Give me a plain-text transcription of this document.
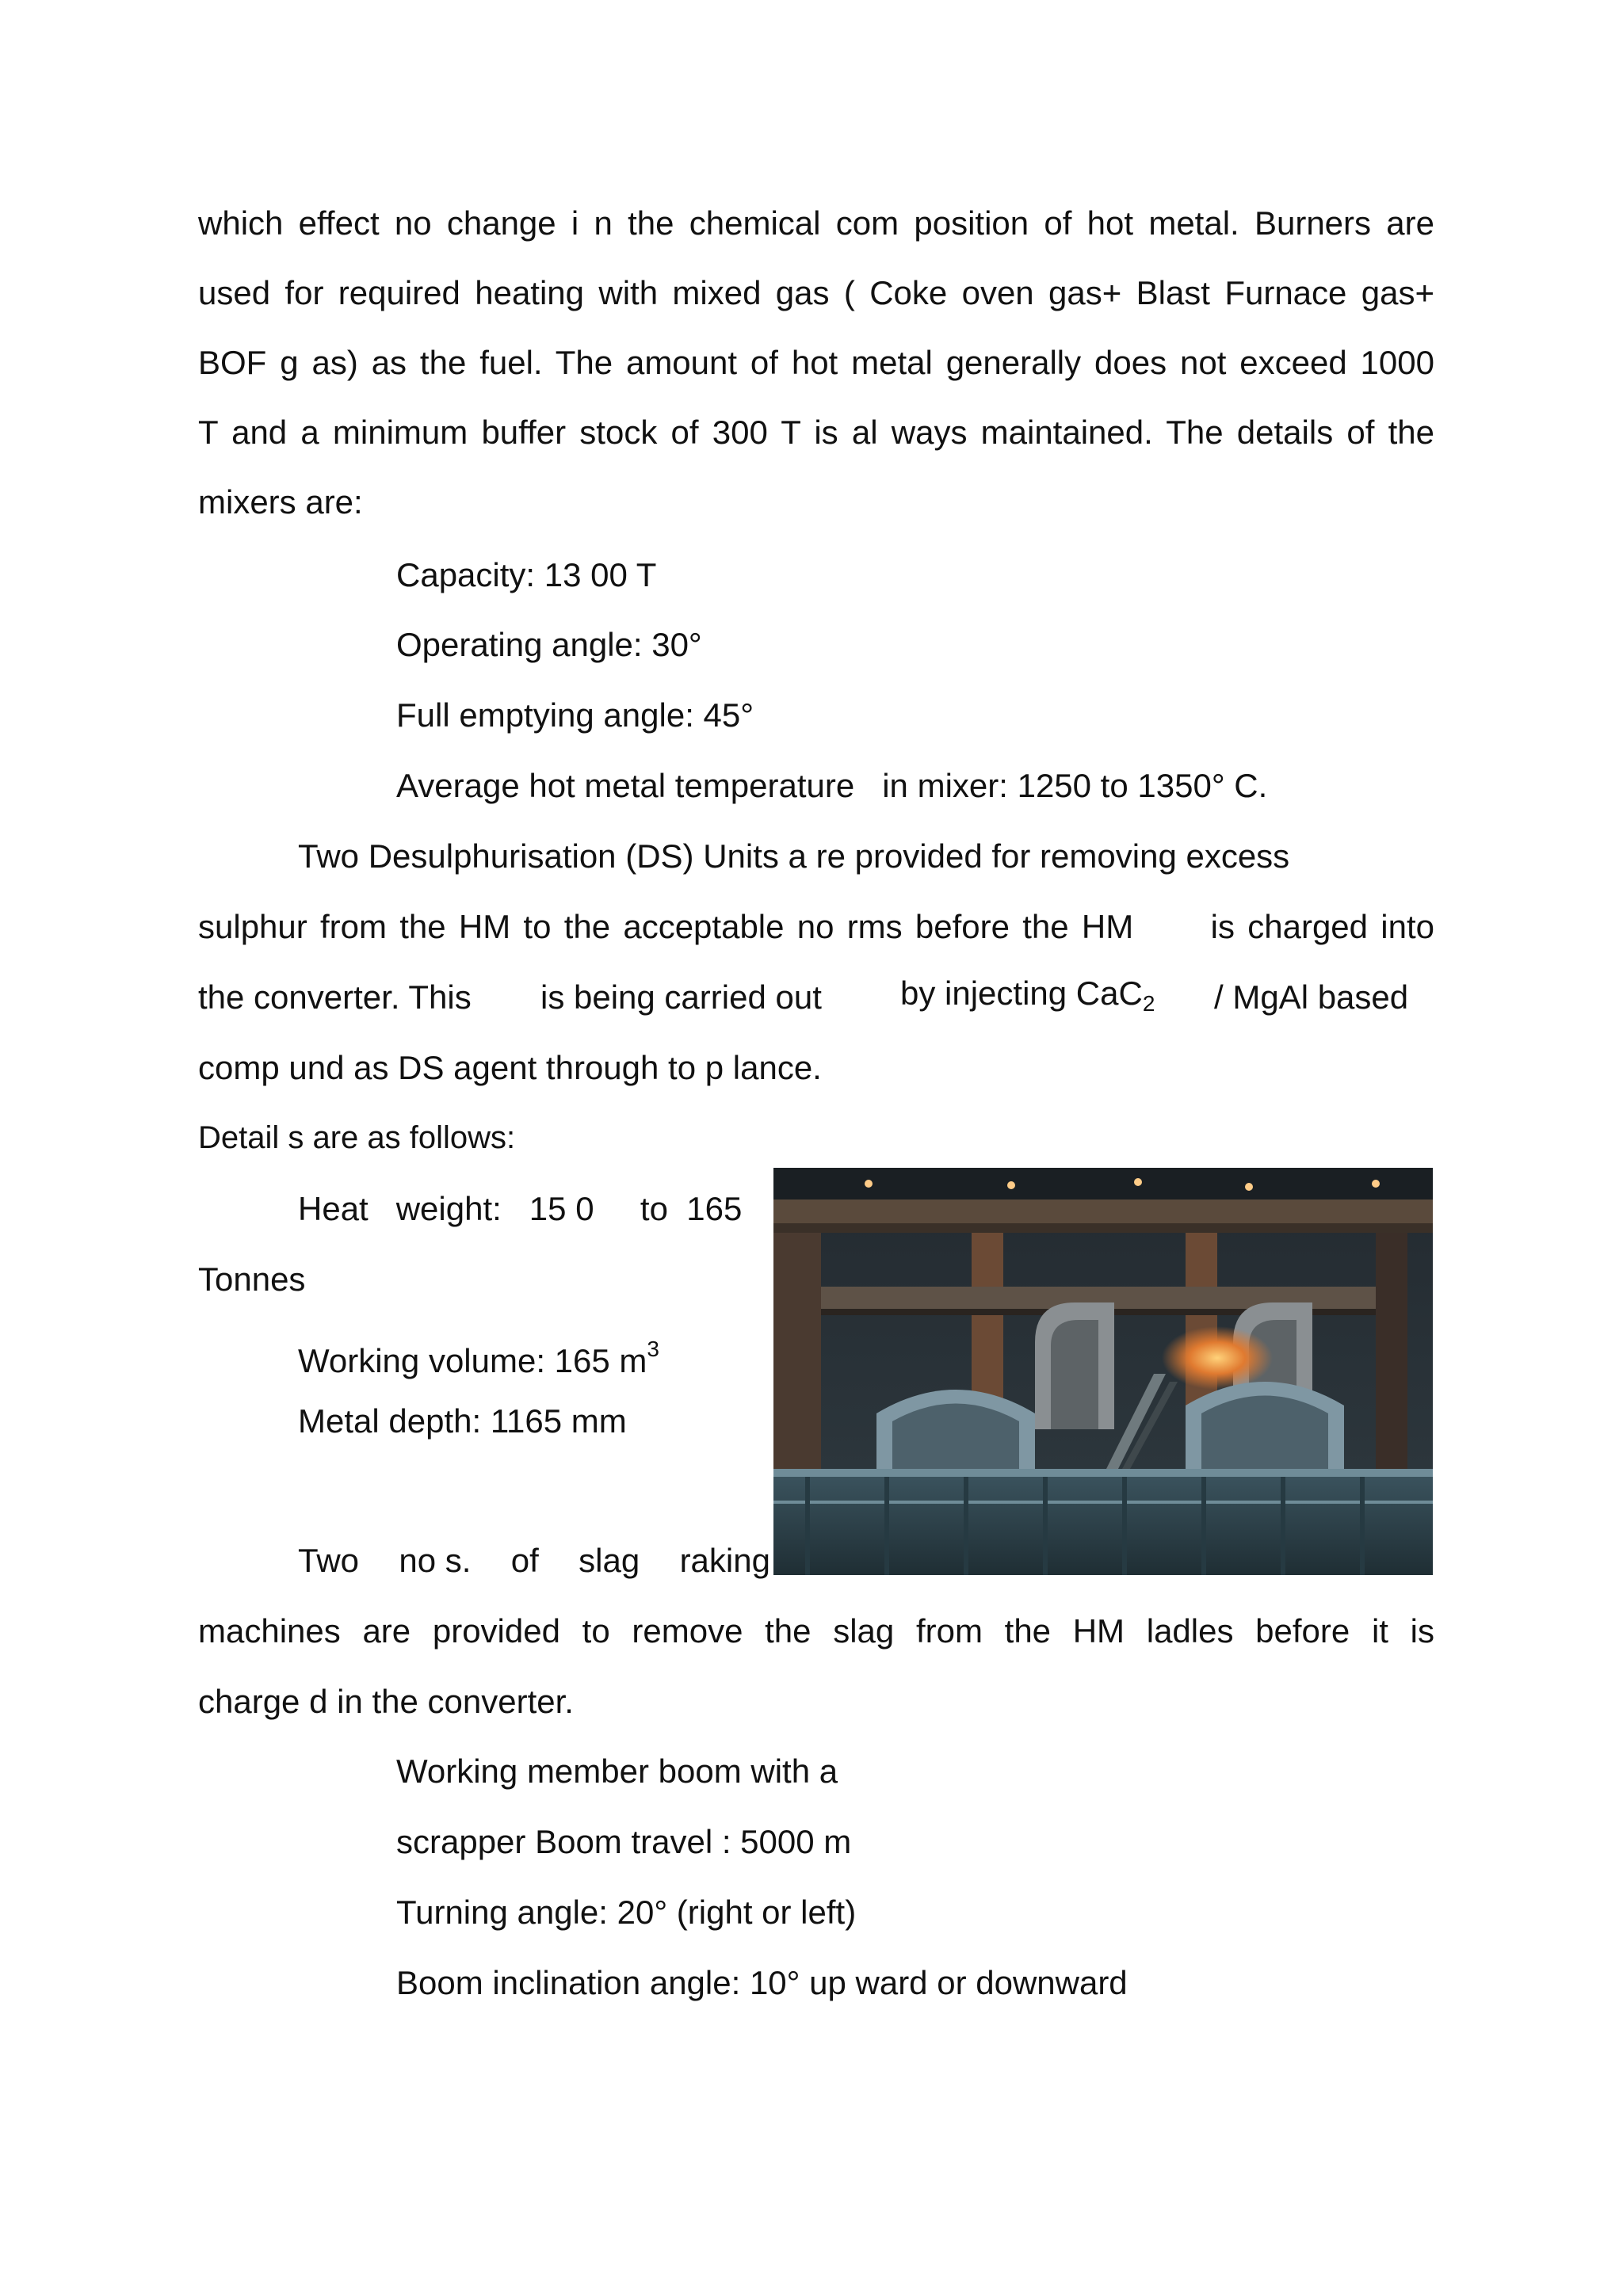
which effect no change i n the chemical com position of hot metal. Burners are
used for required heating with mixed gas ( Coke oven gas+ Blast Furnace gas+
BOF g as) as the fuel. The amount of hot metal generally does not exceed 1000
T and a minimum buffer stock of 300 T is al ways maintained. The details of the
mixers are:
Capacity: 13 00 T
Operating angle: 30°
Full emptying angle: 45°
Average hot metal temperature   in mixer: 1250 to 1350° C.
Two Desulphurisation (DS) Units a re provided for removing excess
sulphur from the HM to the acceptable no rms before the HM      is charged into
the converter. This is being carried out by injecting CaC2 / MgAl based
comp und as DS agent through to p lance.
Detail s are as follows:
Heat   weight:   15 0     to  165
Tonnes
Working volume: 165 $m^3$
Metal depth: 1165 mm
Two no s. of slag raking
machines are provided to remove the slag from the HM ladles before it is
charge d in the converter.
Working member boom with a
scrapper Boom travel : 5000 m
Turning angle: 20° (right or left)
Boom inclination angle: 10° up ward or downward
